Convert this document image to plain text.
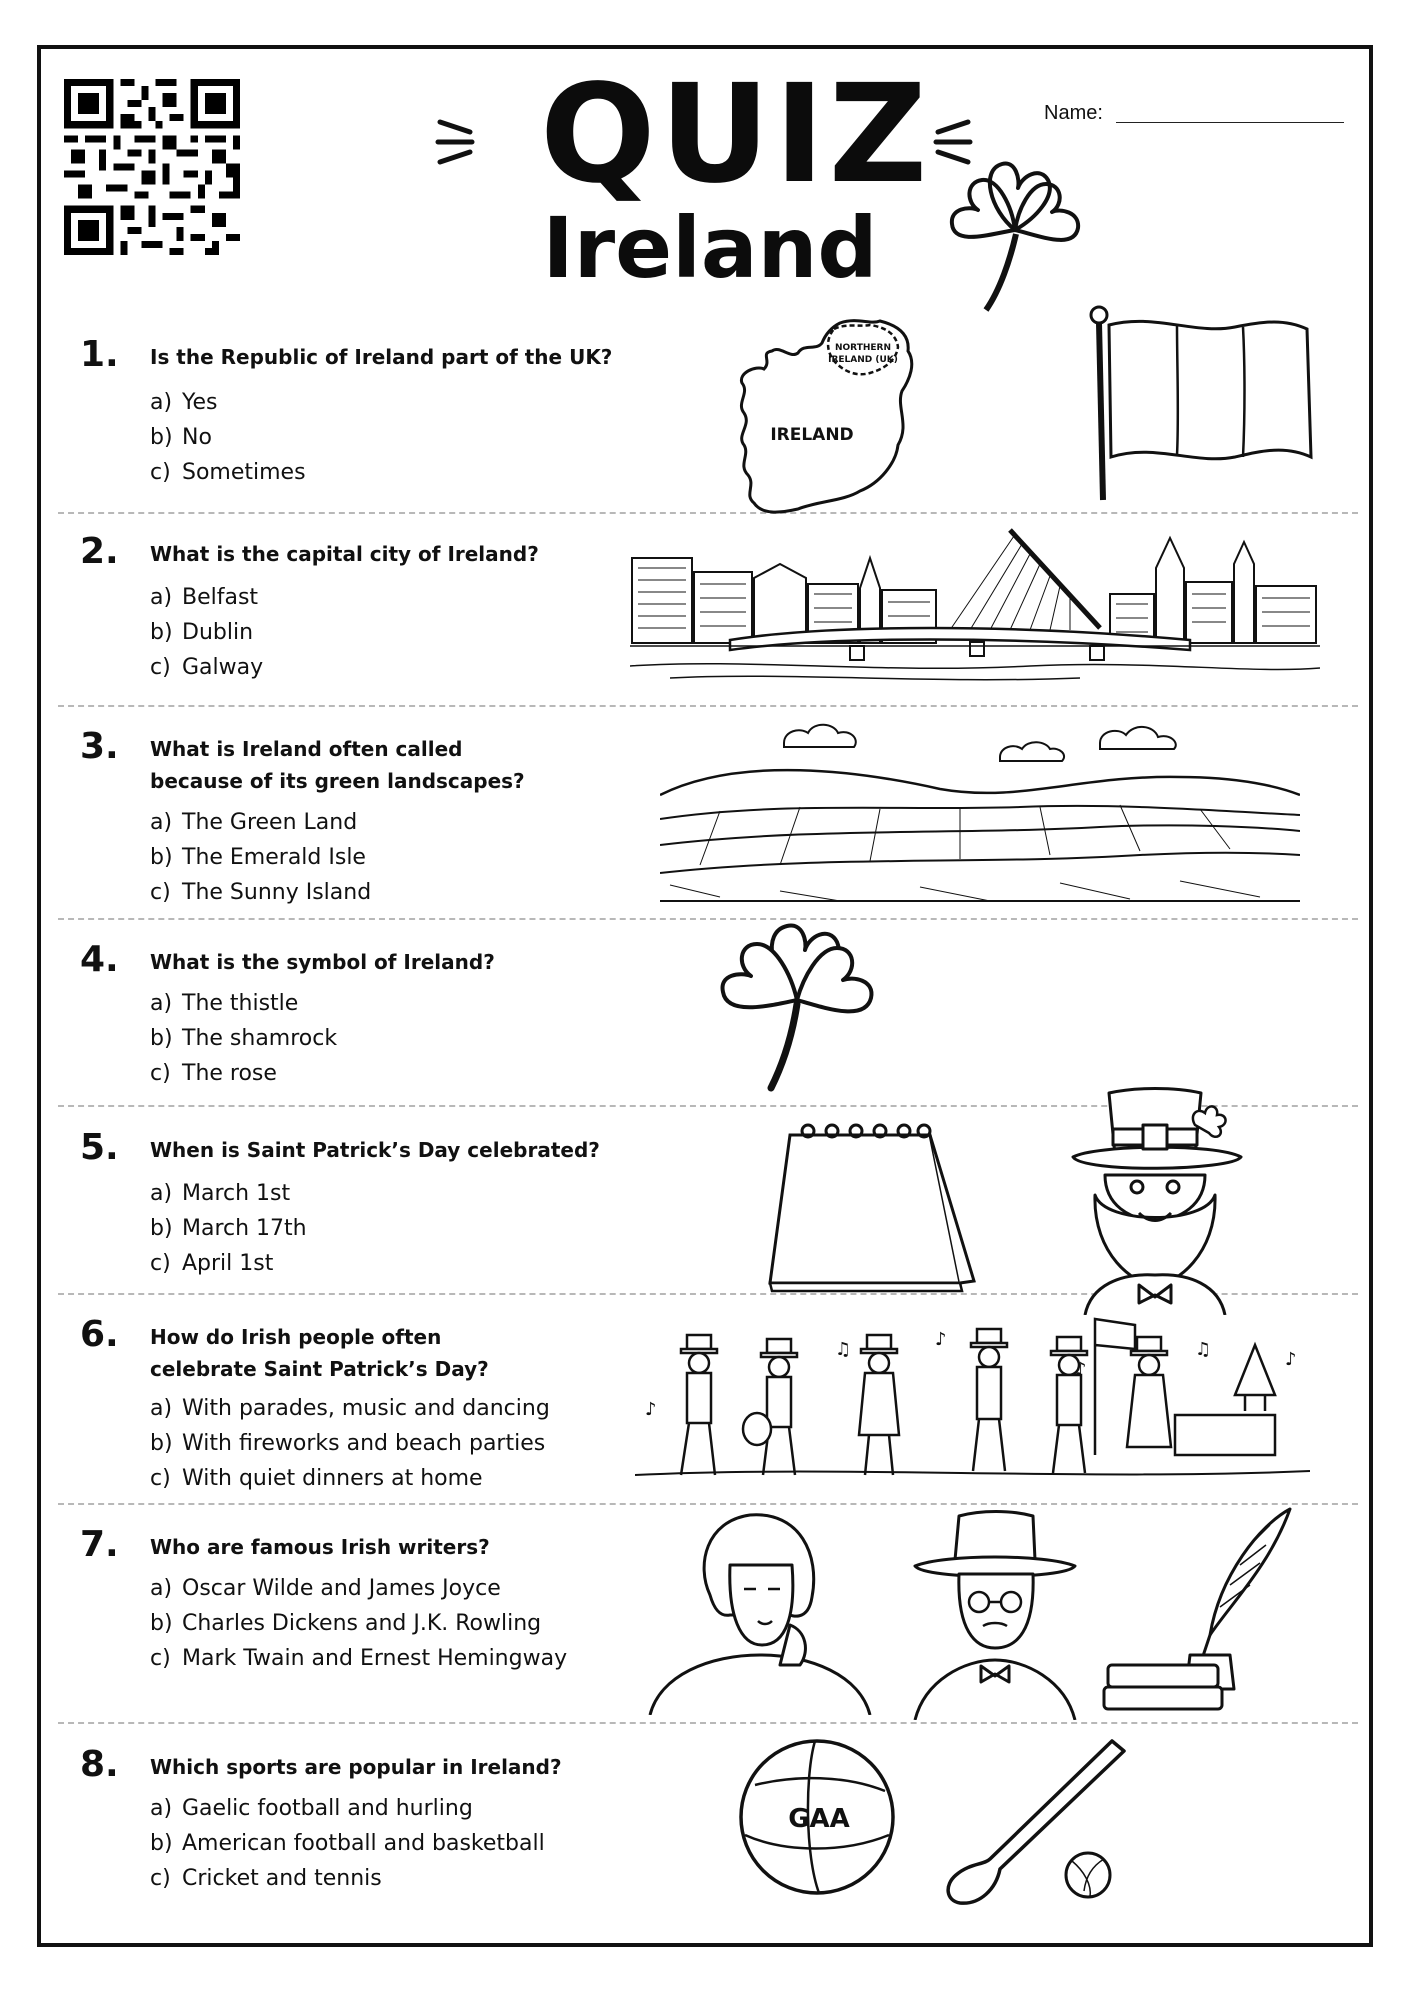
QUIZ
Ireland
Name:
1. Is the Republic of Ireland part of the UK?
a) Yes
b) No
c) Sometimes
2. What is the capital city of Ireland?
a) Belfast
b) Dublin
c) Galway
3. What is Ireland often called because of its green landscapes?
a) The Green Land
b) The Emerald Isle
c) The Sunny Island
4. What is the symbol of Ireland?
a) The thistle
b) The shamrock
c) The rose
5. When is Saint Patrick’s Day celebrated?
a) March 1st
b) March 17th
c) April 1st
6. How do Irish people often celebrate Saint Patrick’s Day?
a) With parades, music and dancing
b) With fireworks and beach parties
c) With quiet dinners at home
7. Who are famous Irish writers?
a) Oscar Wilde and James Joyce
b) Charles Dickens and J.K. Rowling
c) Mark Twain and Ernest Hemingway
8. Which sports are popular in Ireland?
a) Gaelic football and hurling
b) American football and basketball
c) Cricket and tennis
NORTHERN
IRELAND (UK)
IRELAND
♪
♫	♪	♫	♪
♪
GAA
